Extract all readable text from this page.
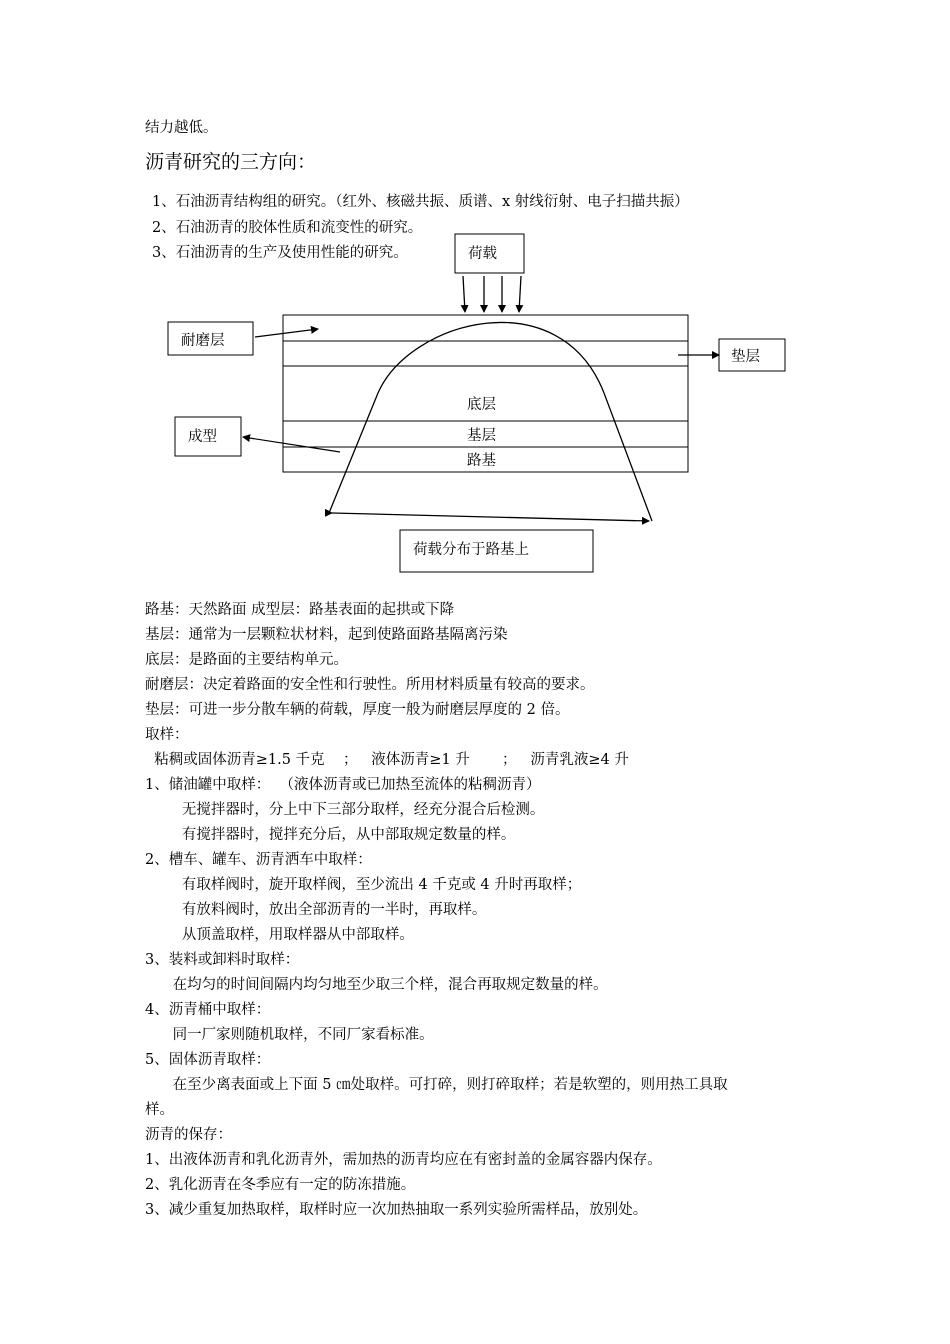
结力越低。
沥青研究的三方向：
1、石油沥青结构组的研究。（红外、核磁共振、质谱、x 射线衍射、电子扫描共振）
2、石油沥青的胶体性质和流变性的研究。
3、石油沥青的生产及使用性能的研究。	荷载
耐磨层
垫层
成型
底层
基层
路基
荷载分布于路基上
路基：天然路面 成型层：路基表面的起拱或下降
基层：通常为一层颗粒状材料，起到使路面路基隔离污染
底层：是路面的主要结构单元。
耐磨层：决定着路面的安全性和行驶性。所用材料质量有较高的要求。
垫层：可进一步分散车辆的荷载，厚度一般为耐磨层厚度的 2 倍。
取样：
粘稠或固体沥青≥1.5 千克    ；   液体沥青≥1 升       ；   沥青乳液≥4 升
1、储油罐中取样：  （液体沥青或已加热至流体的粘稠沥青）
无搅拌器时，分上中下三部分取样，经充分混合后检测。
有搅拌器时，搅拌充分后，从中部取规定数量的样。
2、槽车、罐车、沥青洒车中取样：
有取样阀时，旋开取样阀，至少流出 4 千克或 4 升时再取样；
有放料阀时，放出全部沥青的一半时，再取样。
从顶盖取样，用取样器从中部取样。
3、装料或卸料时取样：
在均匀的时间间隔内均匀地至少取三个样，混合再取规定数量的样。
4、沥青桶中取样：
同一厂家则随机取样，不同厂家看标准。
5、固体沥青取样：
在至少离表面或上下面 5 ㎝处取样。可打碎，则打碎取样；若是软塑的，则用热工具取
样。
沥青的保存：
1、出液体沥青和乳化沥青外，需加热的沥青均应在有密封盖的金属容器内保存。
2、乳化沥青在冬季应有一定的防冻措施。
3、减少重复加热取样，取样时应一次加热抽取一系列实验所需样品，放别处。
